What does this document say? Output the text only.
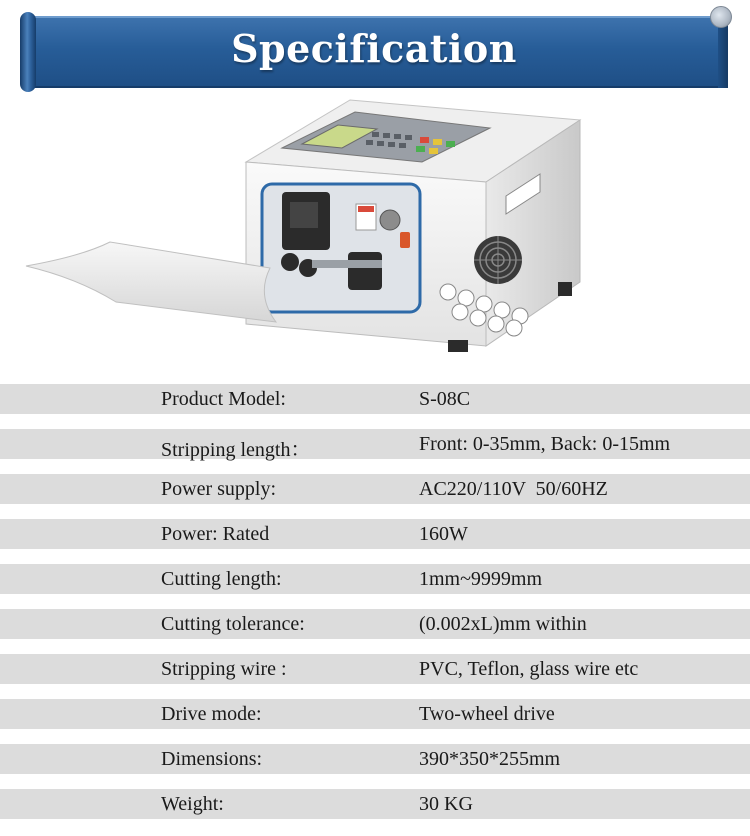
Specification
Product Model:	S-08C
Stripping length：	Front: 0-35mm, Back: 0-15mm
Power supply:	AC220/110V  50/60HZ
Power: Rated	160W
Cutting length:	1mm~9999mm
Cutting tolerance:	(0.002xL)mm within
Stripping wire :	PVC, Teflon, glass wire etc
Drive mode:	Two-wheel drive
Dimensions:	390*350*255mm
Weight:	30 KG
